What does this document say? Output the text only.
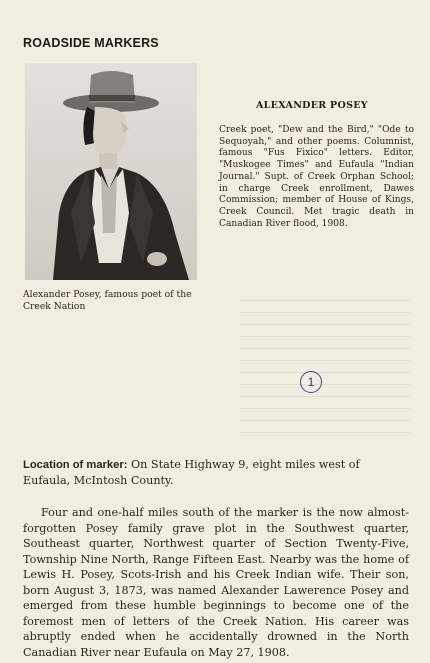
ROADSIDE MARKERS
Alexander Posey, famous poet of the Creek Nation
ALEXANDER POSEY
Creek poet, "Dew and the Bird," "Ode to Sequoyah," and other poems. Columnist, famous "Fus Fixico" letters. Editor, "Muskogee Times" and Eufaula "Indian Journal." Supt. of Creek Orphan School; in charge Creek enrollment, Dawes Commission; member of House of Kings, Creek Council. Met tragic death in Canadian River flood, 1908.
1
Location of marker: On State Highway 9, eight miles west of Eufaula, McIntosh County.
Four and one-half miles south of the marker is the now almost-forgotten Posey family grave plot in the Southwest quarter, Southeast quarter, Northwest quarter of Section Twenty-Five, Township Nine North, Range Fifteen East. Nearby was the home of Lewis H. Posey, Scots-Irish and his Creek Indian wife. Their son, born August 3, 1873, was named Alexander Lawerence Posey and emerged from these humble beginnings to become one of the foremost men of letters of the Creek Nation. His career was abruptly ended when he accidentally drowned in the North Canadian River near Eufaula on May 27, 1908.
